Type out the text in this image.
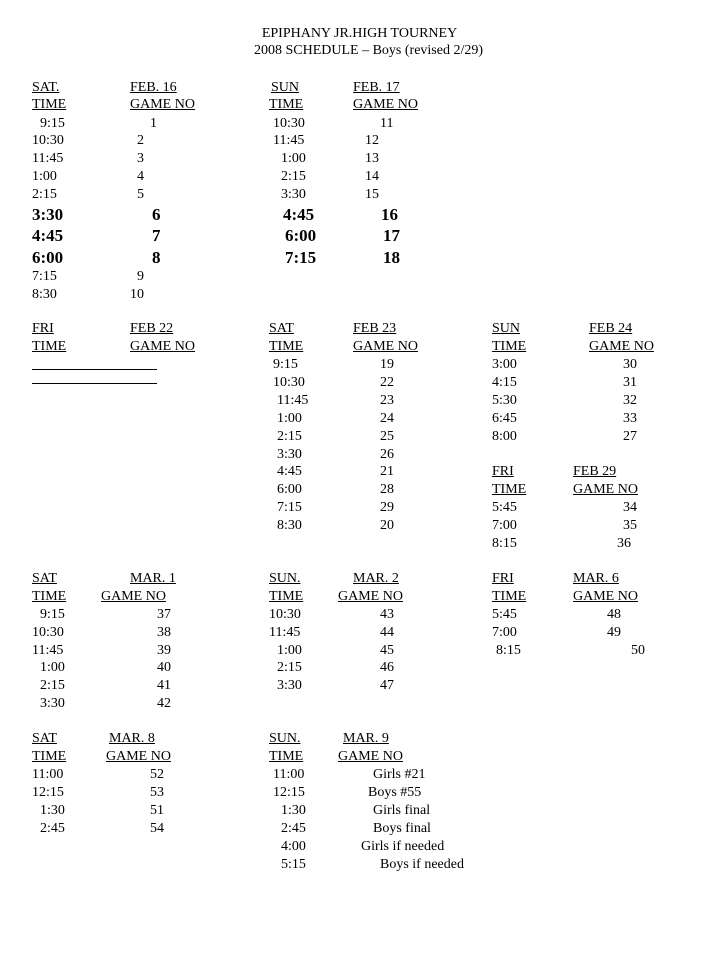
EPIPHANY JR.HIGH TOURNEY
2008 SCHEDULE – Boys (revised 2/29)
SAT.	FEB. 16
TIME	GAME NO
9:15	1
10:30	2
11:45	3
1:00	4
2:15	5
3:30	6
4:45	7
6:00	8
7:15	9
8:30	10
SUN	FEB. 17
TIME	GAME NO
10:30	11
11:45	12
1:00	13
2:15	14
3:30	15
4:45	16
6:00	17
7:15	18
FRI	FEB 22
TIME	GAME NO
SAT	FEB 23
TIME	GAME NO
9:15	19
10:30	22
11:45	23
1:00	24
2:15	25
3:30	26
4:45	21
6:00	28
7:15	29
8:30	20
SUN	FEB 24
TIME	GAME NO
3:00	30
4:15	31
5:30	32
6:45	33
8:00	27
FRI	FEB 29
TIME	GAME NO
5:45	34
7:00	35
8:15	36
SAT	MAR. 1
TIME GAME NO
9:15	37
10:30	38
11:45	39
1:00	40
2:15	41
3:30	42
SUN.	MAR. 2
TIME GAME NO
10:30	43
11:45	44
1:00	45
2:15	46
3:30	47
FRI	MAR. 6
TIME	GAME NO
5:45	48
7:00	49
8:15	50
SAT	MAR. 8
TIME	GAME NO
11:00	52
12:15	53
1:30	51
2:45	54
SUN.	MAR. 9
TIME GAME NO
11:00	Girls #21
12:15	Boys #55
1:30	Girls final
2:45	Boys final
4:00	Girls if needed
5:15	Boys if needed
